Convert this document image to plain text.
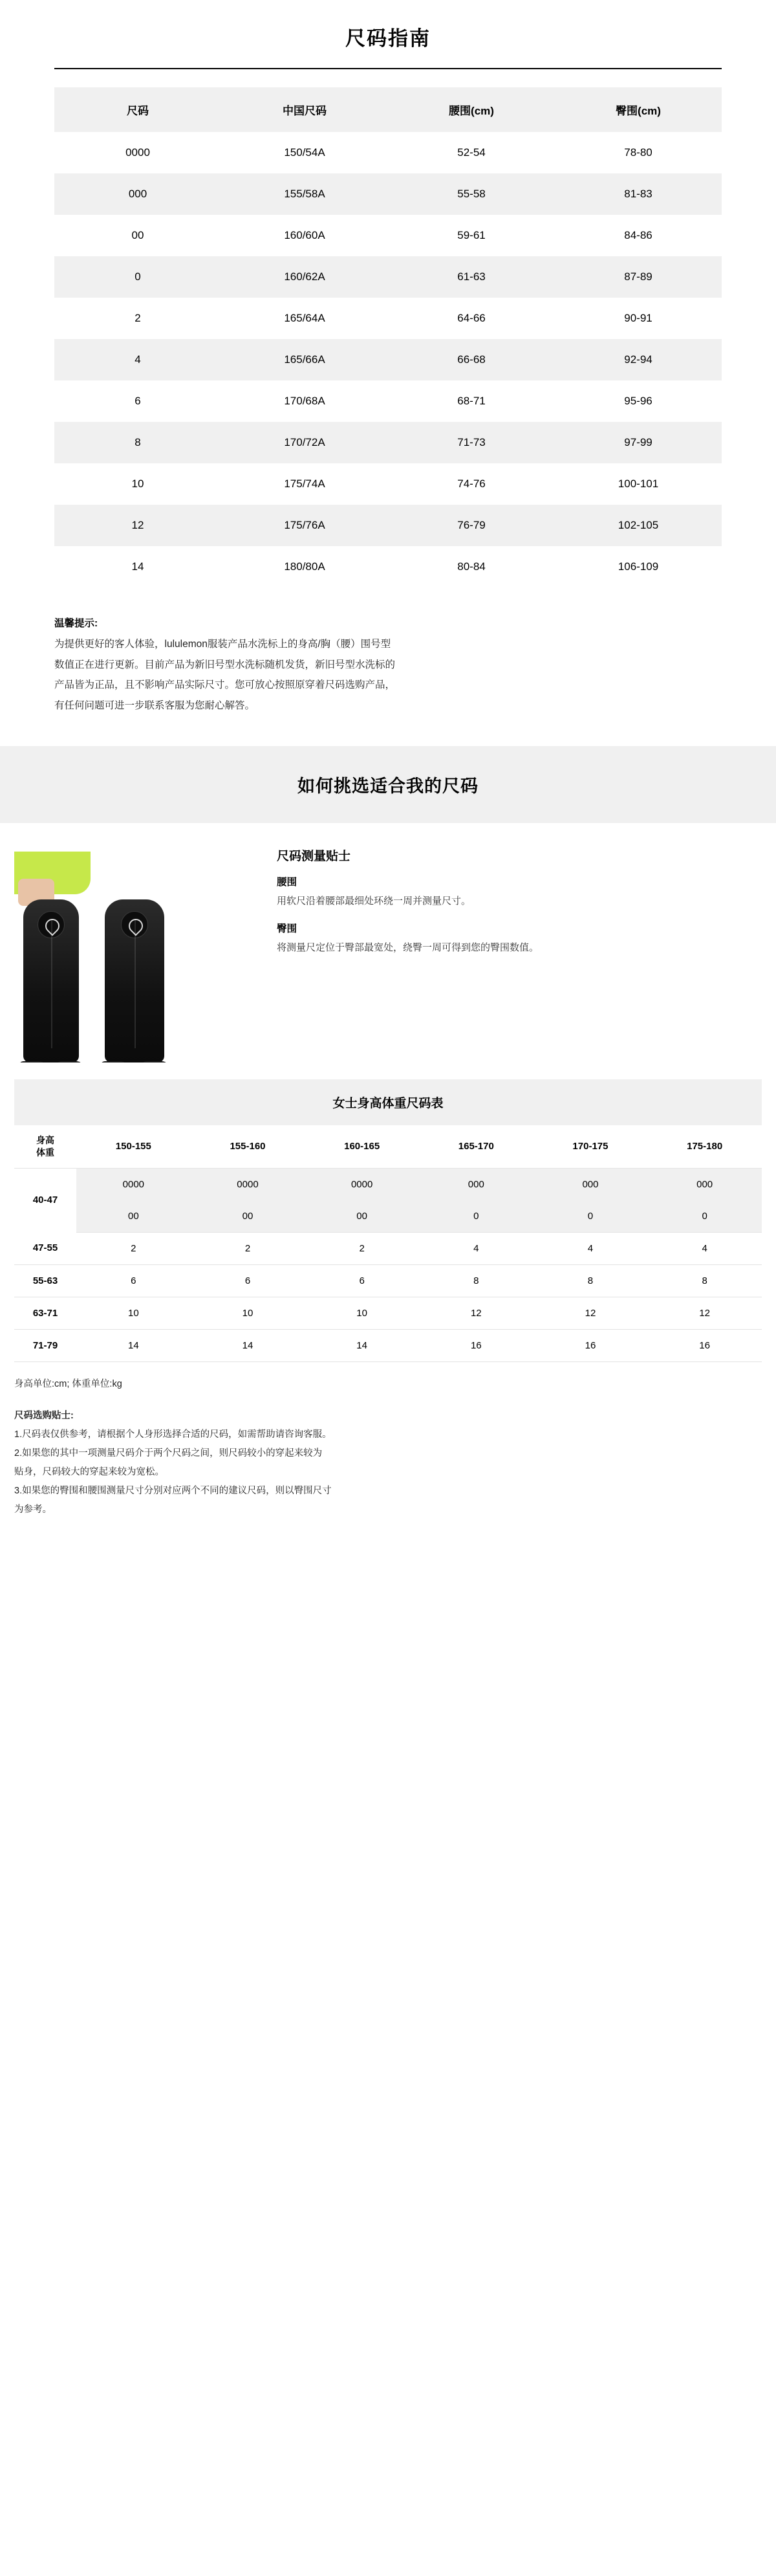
尺码指南
尺码	中国尺码	腰围(cm)	臀围(cm)
0000	150/54A	52-54	78-80
000	155/58A	55-58	81-83
00	160/60A	59-61	84-86
0	160/62A	61-63	87-89
2	165/64A	64-66	90-91
4	165/66A	66-68	92-94
6	170/68A	68-71	95-96
8	170/72A	71-73	97-99
10	175/74A	74-76	100-101
12	175/76A	76-79	102-105
14	180/80A	80-84	106-109
温馨提示:
为提供更好的客人体验，lululemon服装产品水洗标上的身高/胸（腰）围号型
数值正在进行更新。目前产品为新旧号型水洗标随机发货，新旧号型水洗标的
产品皆为正品，且不影响产品实际尺寸。您可放心按照原穿着尺码选购产品，
有任何问题可进一步联系客服为您耐心解答。
如何挑选适合我的尺码
尺码测量贴士
腰围

用软尺沿着腰部最细处环绕一周并测量尺寸。

臀围

将测量尺定位于臀部最宽处，绕臀一周可得到您的臀围数值。

女士身高体重尺码表
身高
体重	150-155	155-160	160-165	165-170	170-175	175-180
40-47	0000	0000	0000	000	000	000
	00	00	00	0	0	0
47-55	2	2	2	4	4	4
55-63	6	6	6	8	8	8
63-71	10	10	10	12	12	12
71-79	14	14	14	16	16	16
身高单位:cm; 体重单位:kg
尺码选购贴士:
1.尺码表仅供参考，请根据个人身形选择合适的尺码，如需帮助请咨询客服。
2.如果您的其中一项测量尺码介于两个尺码之间，则尺码较小的穿起来较为
贴身，尺码较大的穿起来较为宽松。
3.如果您的臀围和腰围测量尺寸分别对应两个不同的建议尺码，则以臀围尺寸
为参考。
